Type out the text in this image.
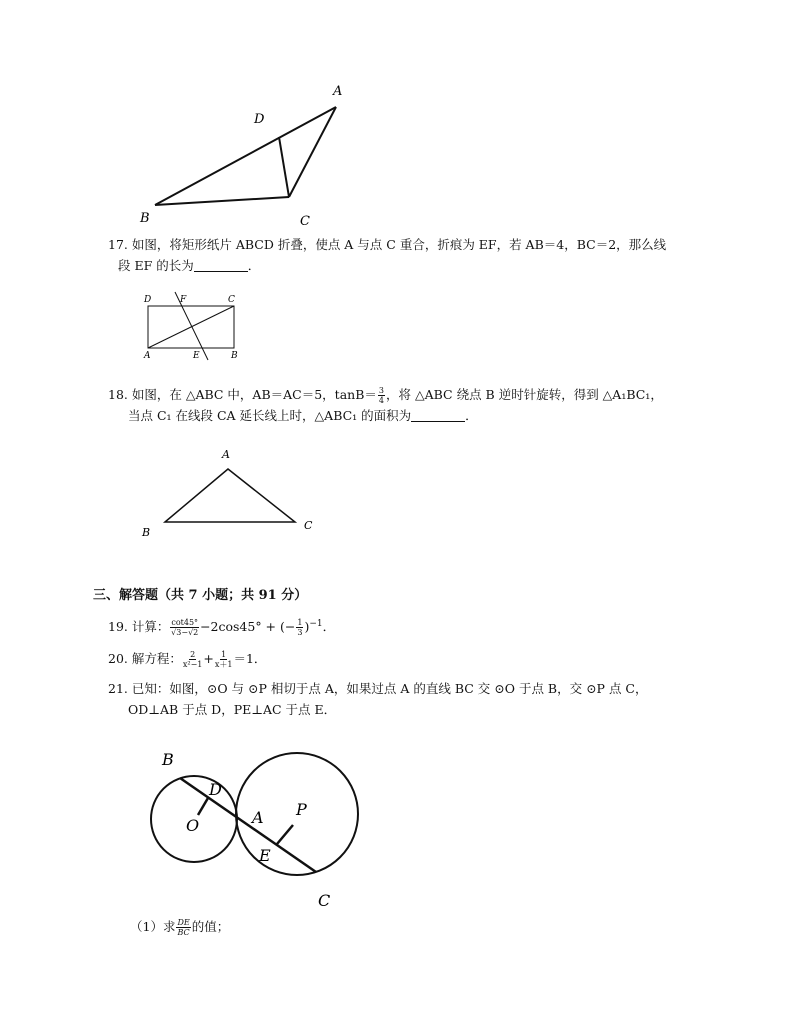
A
B	C
D
17. 如图，将矩形纸片 ABCD 折叠，使点 A 与点 C 重合，折痕为 EF，若 AB＝4，BC＝2，那么线
段 EF 的长为	．
D	F	C
A	E	B
18. 如图，在 △ABC 中，AB＝AC＝5，$\tan B= \frac{3}{4}$ ，将 △ABC 绕点 B 逆时针旋转，得到 △A₁BC₁，
当点 C₁ 在线段 CA 延长线上时，△ABC₁ 的面积为	．
A
B
C
三、解答题（共 7 小题；共 91 分）
19. 计算： $\frac{\cot 45^\circ}{√3-√2} -2\cos 45^\circ$ + (− $\frac{1}{3} )^{-1}$．
20. 解方程： $\frac{2}{\text{x²−1}} + \frac{1}{x+1} =1$．
21. 已知：如图，⊙O 与 ⊙P 相切于点 A，如果过点 A 的直线 BC 交 ⊙O 于点 B，交 ⊙P 点 C，
OD⊥AB 于点 D，PE⊥AC 于点 E．
B
D
O	A P
E
C
（1）求 $\frac{DE}{BC}$ 的值；
